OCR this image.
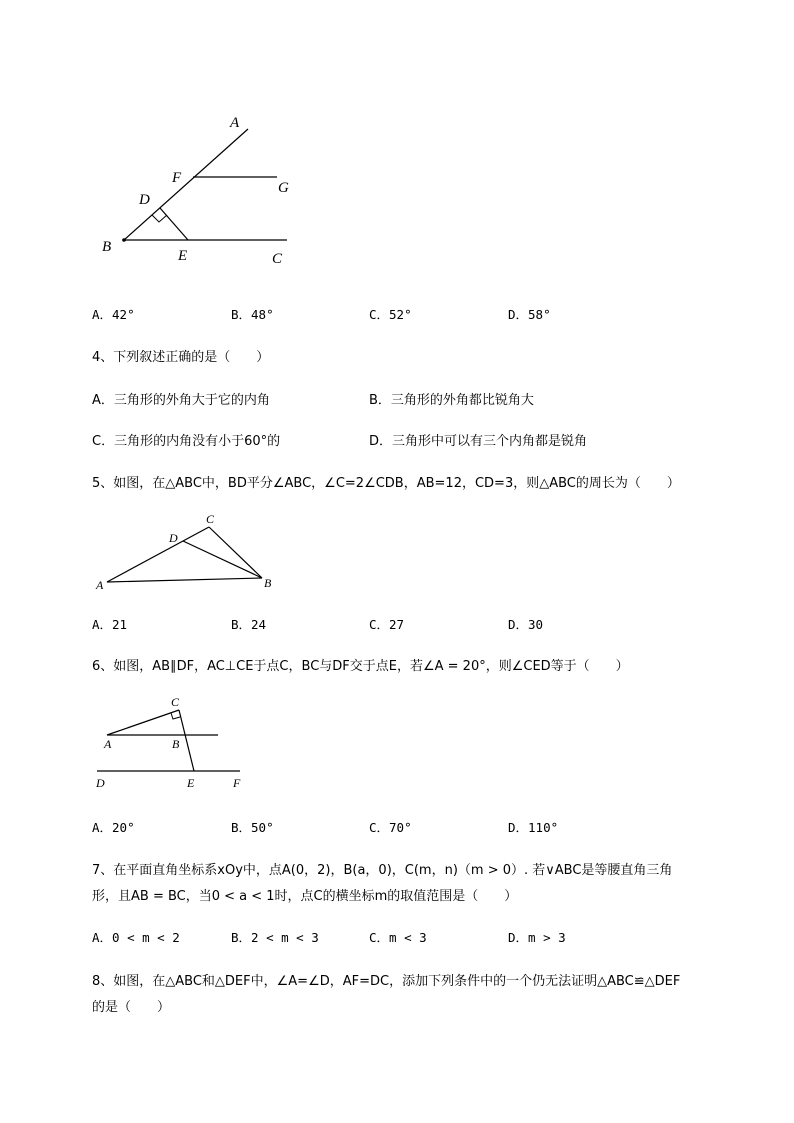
A
F
G
D
B
E	C
A．42°	B．48°	C．52°	D．58°
4、下列叙述正确的是（　　）
A．三角形的外角大于它的内角	B．三角形的外角都比锐角大
C．三角形的内角没有小于60°的	D．三角形中可以有三个内角都是锐角
5、如图，在△ABC中，BD平分∠ABC，∠C=2∠CDB，AB=12，CD=3，则△ABC的周长为（　　）
C
D
A	B
A．21	B．24	C．27	D．30
6、如图，AB∥DF，AC⊥CE于点C，BC与DF交于点E，若∠A = 20°，则∠CED等于（　　）
C
A	B
D	E	F
A．20°	B．50°	C．70°	D．110°
7、在平面直角坐标系xOy中，点A(0，2)，B(a，0)，C(m，n)（m > 0）. 若∨ABC是等腰直角三角
形，且AB = BC，当0 < a < 1时，点C的横坐标m的取值范围是（　　）
A．0 < m < 2	B．2 < m < 3	C．m < 3	D．m > 3
8、如图，在△ABC和△DEF中，∠A=∠D，AF=DC，添加下列条件中的一个仍无法证明△ABC≌△DEF
的是（　　）
